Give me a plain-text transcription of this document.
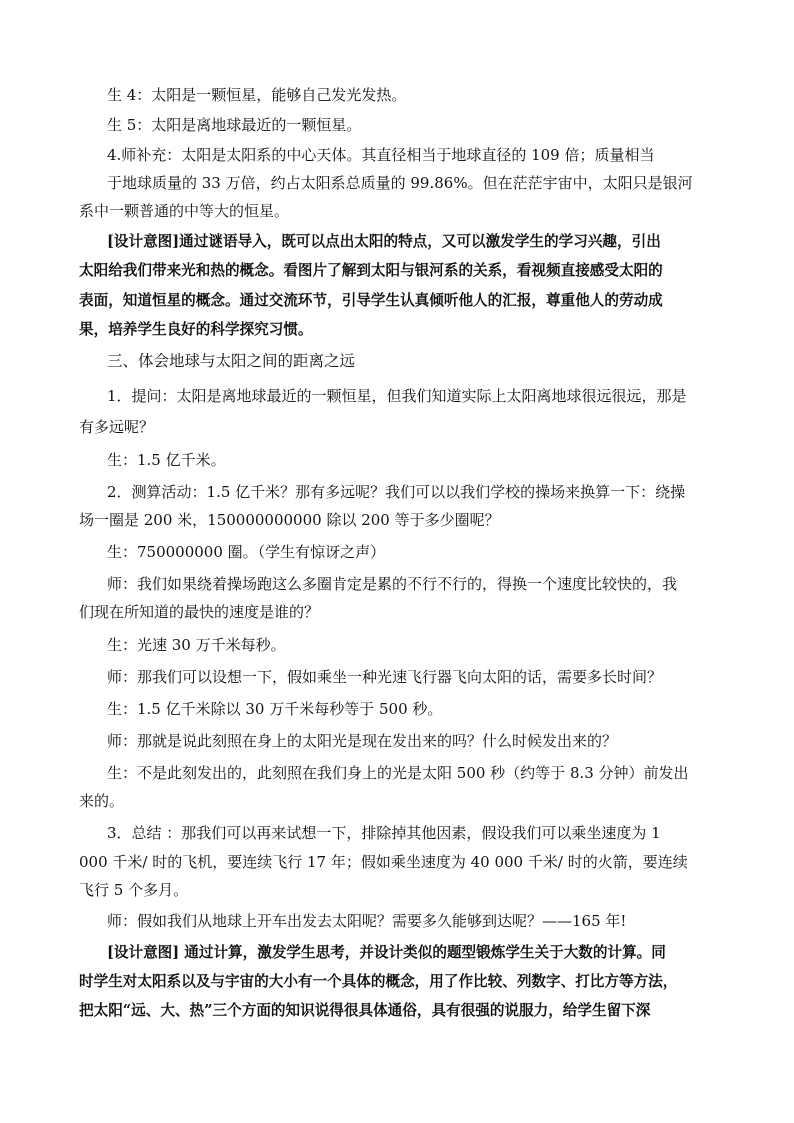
生 4：太阳是一颗恒星，能够自己发光发热。
生 5：太阳是离地球最近的一颗恒星。
4.师补充：太阳是太阳系的中心天体。其直径相当于地球直径的 109 倍；质量相当
于地球质量的 33 万倍，约占太阳系总质量的 99.86%。但在茫茫宇宙中，太阳只是银河
系中一颗普通的中等大的恒星。
[设计意图]通过谜语导入，既可以点出太阳的特点，又可以激发学生的学习兴趣，引出
太阳给我们带来光和热的概念。看图片了解到太阳与银河系的关系，看视频直接感受太阳的
表面，知道恒星的概念。通过交流环节，引导学生认真倾听他人的汇报，尊重他人的劳动成
果，培养学生良好的科学探究习惯。
三、体会地球与太阳之间的距离之远
1．提问：太阳是离地球最近的一颗恒星，但我们知道实际上太阳离地球很远很远，那是
有多远呢？
生：1.5 亿千米。
2．测算活动：1.5 亿千米？那有多远呢？我们可以以我们学校的操场来换算一下：绕操
场一圈是 200 米，150000000000 除以 200 等于多少圈呢？
生：750000000 圈。（学生有惊讶之声）
师：我们如果绕着操场跑这么多圈肯定是累的不行不行的，得换一个速度比较快的，我
们现在所知道的最快的速度是谁的？
生：光速 30 万千米每秒。
师：那我们可以设想一下，假如乘坐一种光速飞行器飞向太阳的话，需要多长时间？
生：1.5 亿千米除以 30 万千米每秒等于 500 秒。
师：那就是说此刻照在身上的太阳光是现在发出来的吗？什么时候发出来的？
生：不是此刻发出的，此刻照在我们身上的光是太阳 500 秒（约等于 8.3 分钟）前发出
来的。
3．总结 ：那我们可以再来试想一下，排除掉其他因素，假设我们可以乘坐速度为 1
000 千米/ 时的飞机，要连续飞行 17 年；假如乘坐速度为 40 000 千米/ 时的火箭，要连续
飞行 5 个多月。
师：假如我们从地球上开车出发去太阳呢？需要多久能够到达呢？——165 年!
[设计意图] 通过计算，激发学生思考，并设计类似的题型锻炼学生关于大数的计算。同
时学生对太阳系以及与宇宙的大小有一个具体的概念，用了作比较、列数字、打比方等方法，
把太阳“远、大、热”三个方面的知识说得很具体通俗，具有很强的说服力，给学生留下深
